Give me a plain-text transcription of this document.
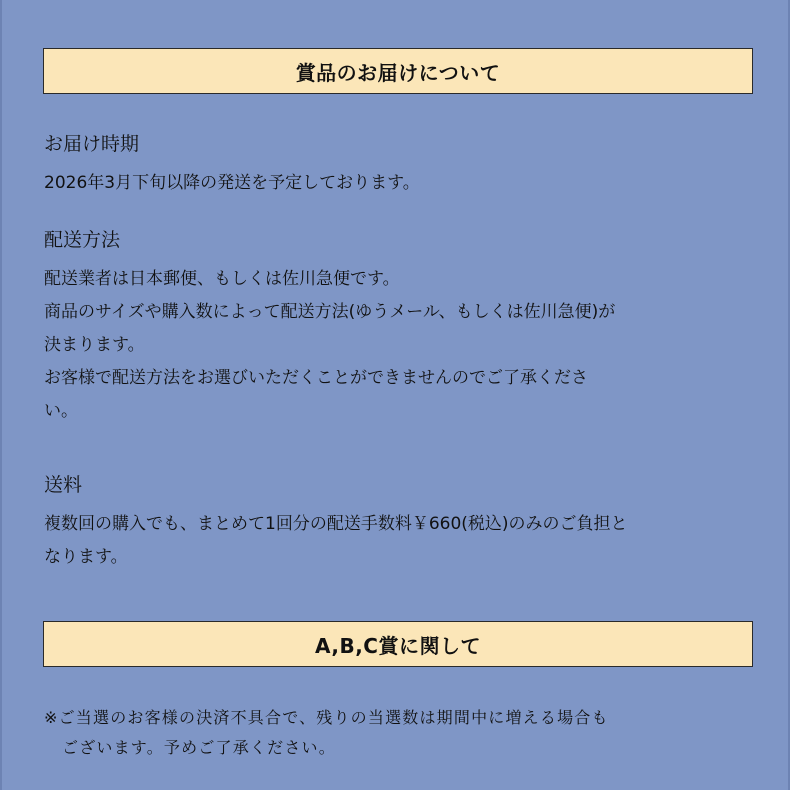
賞品のお届けについて

お届け時期

2026年3月下旬以降の発送を予定しております。

配送方法

配送業者は日本郵便、もしくは佐川急便です。

商品のサイズや購入数によって配送方法(ゆうメール、もしくは佐川急便)が

決まります。

お客様で配送方法をお選びいただくことができませんのでご了承くださ

い。

送料

複数回の購入でも、まとめて1回分の配送手数料￥660(税込)のみのご負担と

なります。

A,B,C賞に関して
※ご当選のお客様の決済不具合で、残りの当選数は期間中に増える場合も
ございます。予めご了承ください。
